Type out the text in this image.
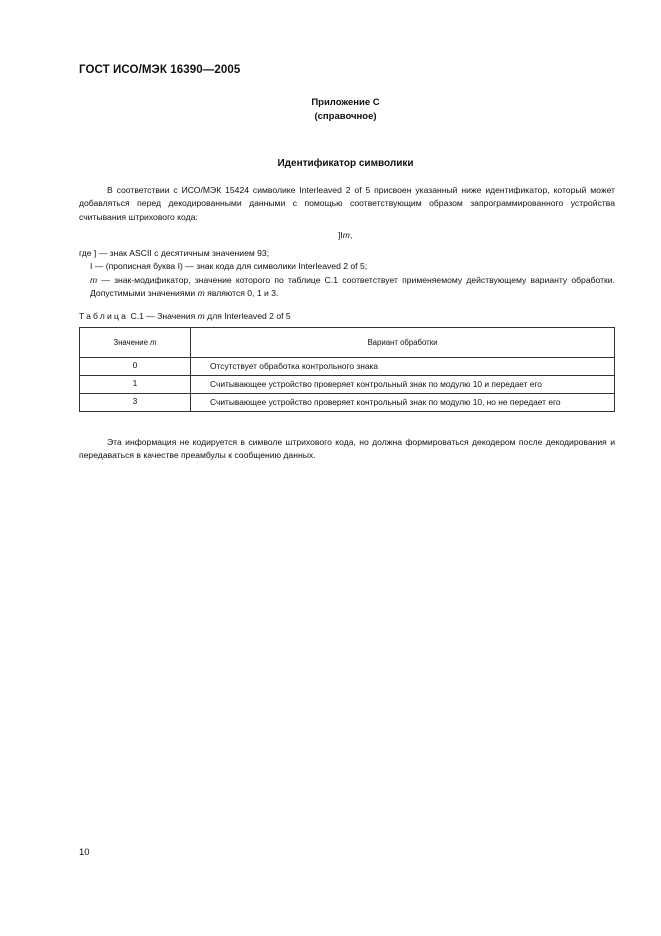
ГОСТ ИСО/МЭК 16390—2005
Приложение С
(справочное)
Идентификатор символики
В соответствии с ИСО/МЭК 15424 символике Interleaved 2 of 5 присвоен указанный ниже идентификатор, который может добавляться перед декодированными данными с помощью соответствующим образом запрограммированного устройства считывания штрихового кода:
]Im,
где ] — знак ASCII с десятичным значением 93;
I — (прописная буква I) — знак кода для символики Interleaved 2 of 5;
m — знак-модификатор, значение которого по таблице С.1 соответствует применяемому действующему варианту обработки. Допустимыми значениями m являются 0, 1 и 3.
Таблица С.1 — Значения m для Interleaved 2 of 5
Значение m	Вариант обработки
0	Отсутствует обработка контрольного знака
1	Считывающее устройство проверяет контрольный знак по модулю 10 и передает его
3	Считывающее устройство проверяет контрольный знак по модулю 10, но не передает его
Эта информация не кодируется в символе штрихового кода, но должна формироваться декодером после декодирования и передаваться в качестве преамбулы к сообщению данных.
10
